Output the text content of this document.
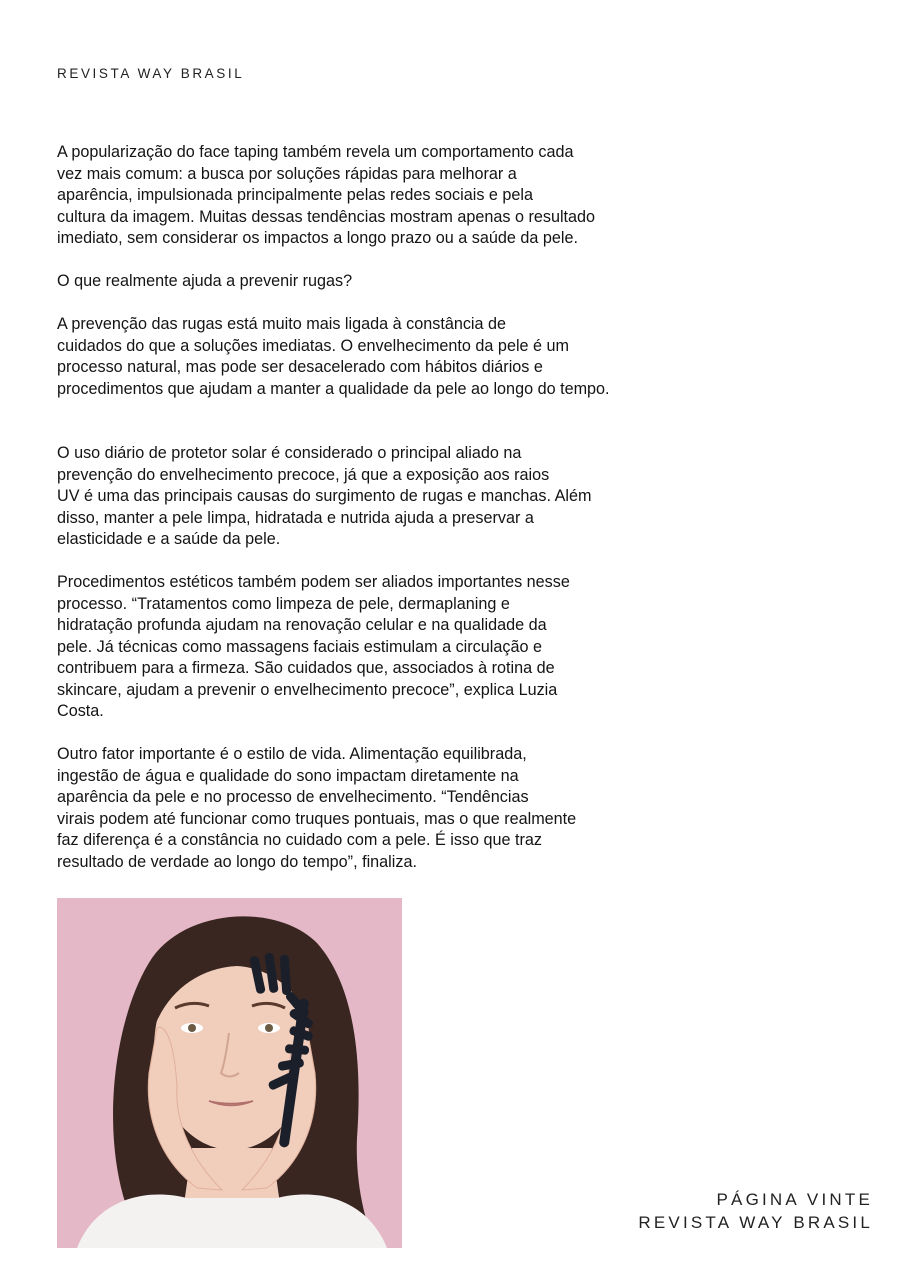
REVISTA WAY BRASIL

A popularização do face taping também revela um comportamento cada
vez mais comum: a busca por soluções rápidas para melhorar a
aparência, impulsionada principalmente pelas redes sociais e pela
cultura da imagem. Muitas dessas tendências mostram apenas o resultado
imediato, sem considerar os impactos a longo prazo ou a saúde da pele.

O que realmente ajuda a prevenir rugas?

A prevenção das rugas está muito mais ligada à constância de
cuidados do que a soluções imediatas. O envelhecimento da pele é um
processo natural, mas pode ser desacelerado com hábitos diários e
procedimentos que ajudam a manter a qualidade da pele ao longo do tempo.

O uso diário de protetor solar é considerado o principal aliado na
prevenção do envelhecimento precoce, já que a exposição aos raios
UV é uma das principais causas do surgimento de rugas e manchas. Além
disso, manter a pele limpa, hidratada e nutrida ajuda a preservar a
elasticidade e a saúde da pele.

Procedimentos estéticos também podem ser aliados importantes nesse
processo. “Tratamentos como limpeza de pele, dermaplaning e
hidratação profunda ajudam na renovação celular e na qualidade da
pele. Já técnicas como massagens faciais estimulam a circulação e
contribuem para a firmeza. São cuidados que, associados à rotina de
skincare, ajudam a prevenir o envelhecimento precoce”, explica Luzia
Costa.

Outro fator importante é o estilo de vida. Alimentação equilibrada,
ingestão de água e qualidade do sono impactam diretamente na
aparência da pele e no processo de envelhecimento. “Tendências
virais podem até funcionar como truques pontuais, mas o que realmente
faz diferença é a constância no cuidado com a pele. É isso que traz
resultado de verdade ao longo do tempo”, finaliza.

PÁGINA VINTE
REVISTA WAY BRASIL
